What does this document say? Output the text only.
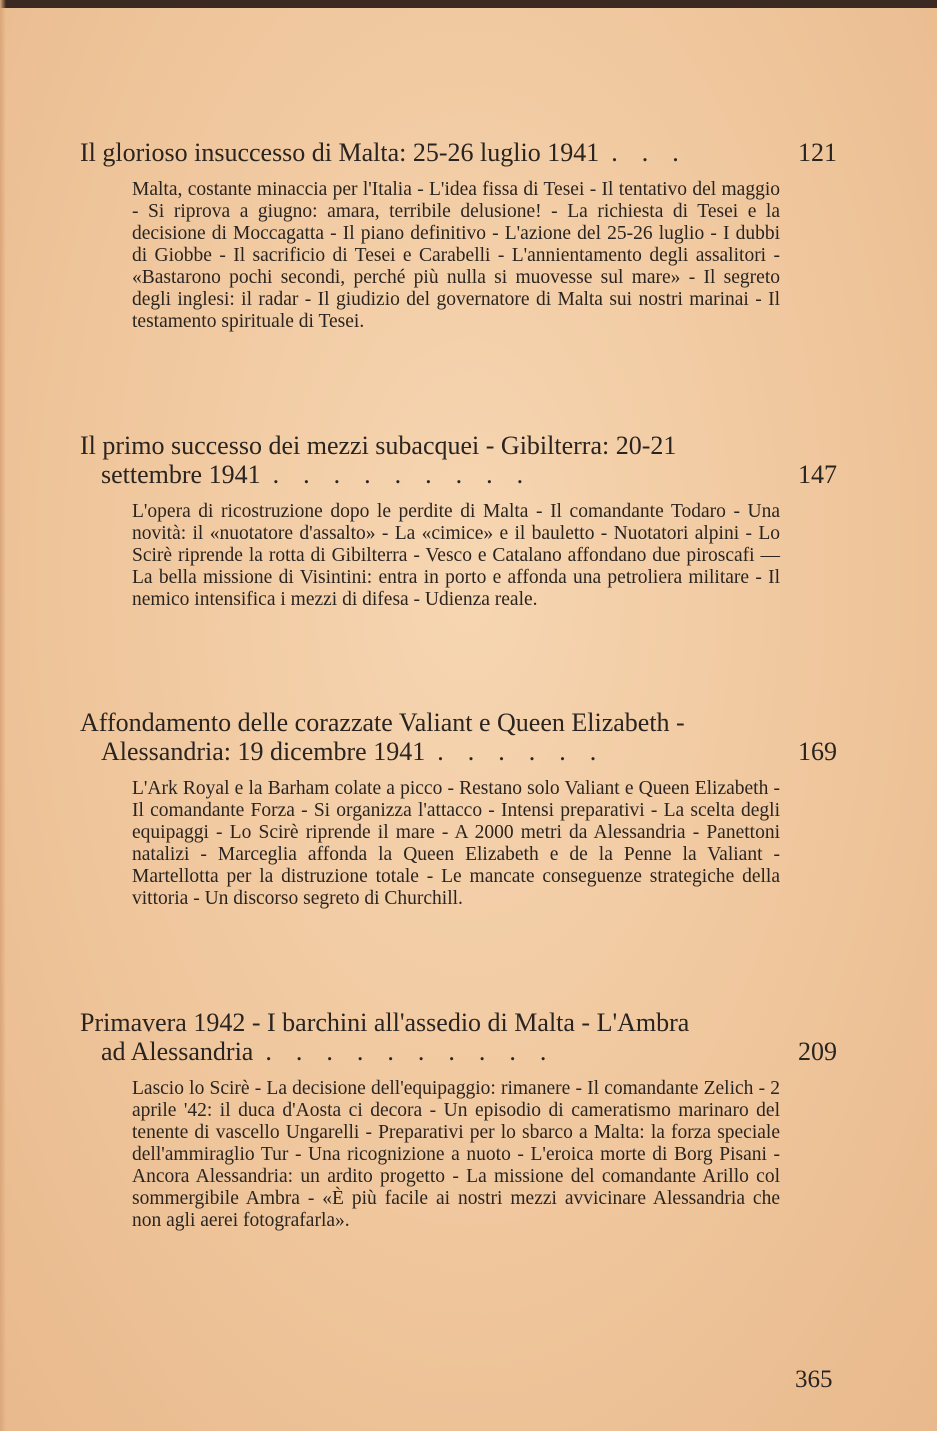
Il glorioso insuccesso di Malta: 25-26 luglio 1941 ...	121
Malta, costante minaccia per l'Italia - L'idea fissa di Tesei - Il tentativo del maggio - Si riprova a giugno: amara, terribile delusione! - La richiesta di Tesei e la decisione di Moccagatta - Il piano definitivo - L'azione del 25-26 luglio - I dubbi di Giobbe - Il sacrificio di Tesei e Carabelli - L'annientamento degli assalitori - «Bastarono pochi secondi, perché più nulla si muovesse sul mare» - Il segreto degli inglesi: il radar - Il giudizio del governatore di Malta sui nostri marinai - Il testamento spirituale di Tesei.
Il primo successo dei mezzi subacquei - Gibilterra: 20-21
settembre 1941 .........	147
L'opera di ricostruzione dopo le perdite di Malta - Il comandante Todaro - Una novità: il «nuotatore d'assalto» - La «cimice» e il bauletto - Nuotatori alpini - Lo Scirè riprende la rotta di Gibilterra - Vesco e Catalano affondano due piroscafi — La bella missione di Visintini: entra in porto e affonda una petroliera militare - Il nemico intensifica i mezzi di difesa - Udienza reale.
Affondamento delle corazzate Valiant e Queen Elizabeth -
Alessandria: 19 dicembre 1941 ......	169
L'Ark Royal e la Barham colate a picco - Restano solo Valiant e Queen Elizabeth - Il comandante Forza - Si organizza l'attacco - Intensi preparativi - La scelta degli equipaggi - Lo Scirè riprende il mare - A 2000 metri da Alessandria - Panettoni natalizi - Marceglia affonda la Queen Elizabeth e de la Penne la Valiant - Martellotta per la distruzione totale - Le mancate conseguenze strategiche della vittoria - Un discorso segreto di Churchill.
Primavera 1942 - I barchini all'assedio di Malta - L'Ambra
ad Alessandria ..........	209
Lascio lo Scirè - La decisione dell'equipaggio: rimanere - Il comandante Zelich - 2 aprile '42: il duca d'Aosta ci decora - Un episodio di cameratismo marinaro del tenente di vascello Ungarelli - Preparativi per lo sbarco a Malta: la forza speciale dell'ammiraglio Tur - Una ricognizione a nuoto - L'eroica morte di Borg Pisani - Ancora Alessandria: un ardito progetto - La missione del comandante Arillo col sommergibile Ambra - «È più facile ai nostri mezzi avvicinare Alessandria che non agli aerei fotografarla».
365
